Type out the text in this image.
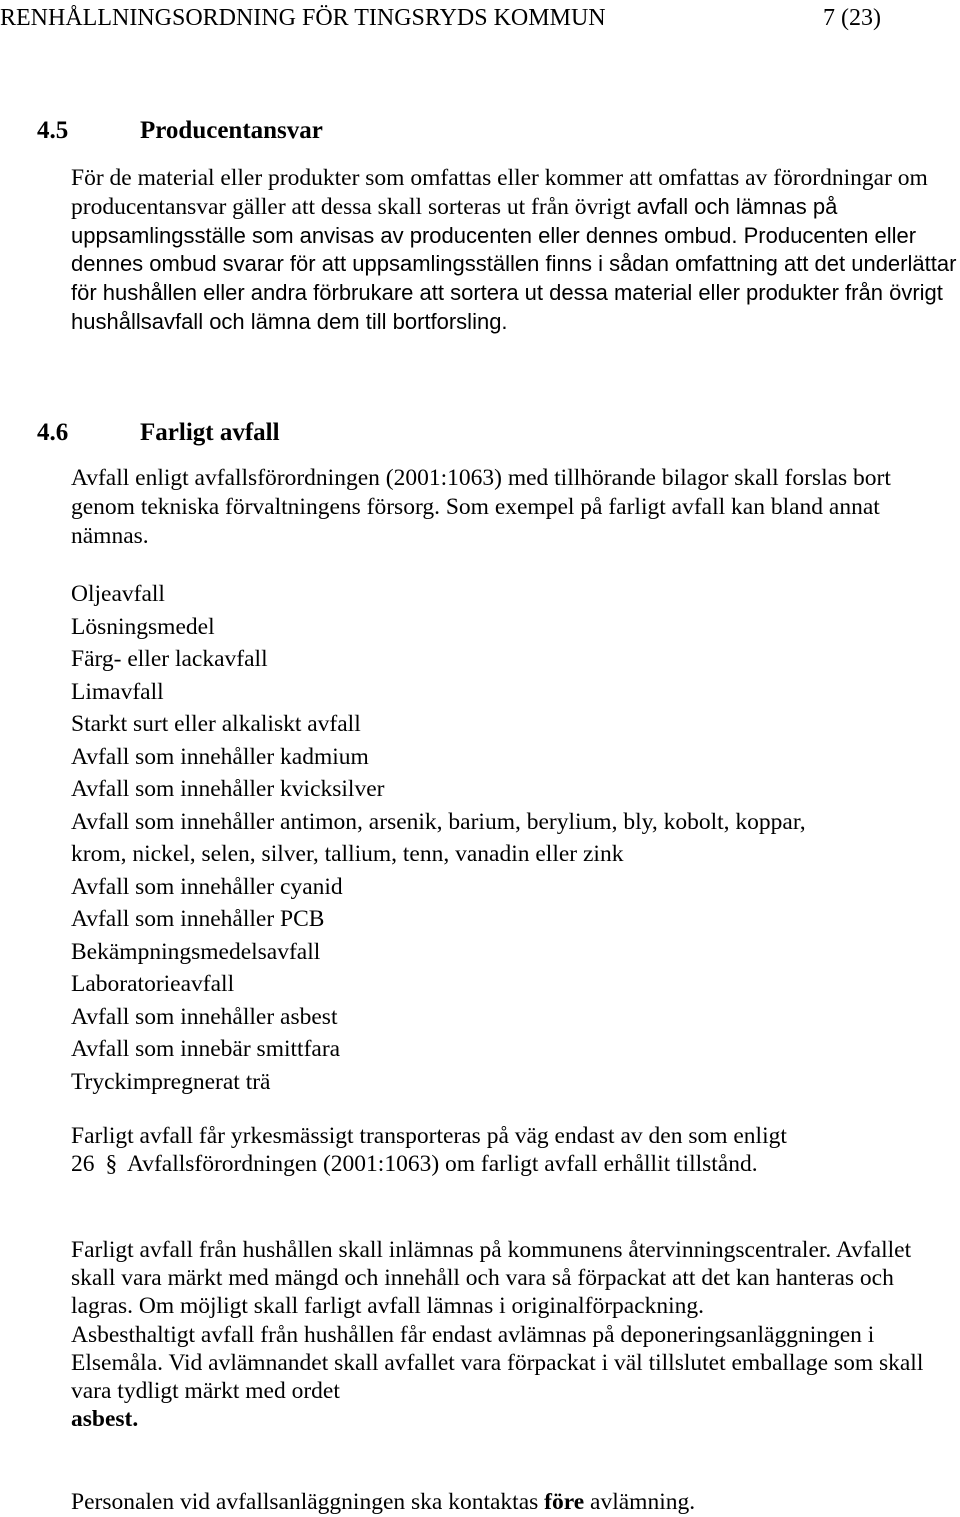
RENHÅLLNINGSORDNING FÖR TINGSRYDS KOMMUN	7 (23)
4.5	Producentansvar

För de material eller produkter som omfattas eller kommer att omfattas av förordningar om producentansvar gäller att dessa skall sorteras ut från övrigt avfall och lämnas på uppsamlingsställe som anvisas av producenten eller dennes ombud. Producenten eller dennes ombud svarar för att uppsamlingsställen finns i sådan omfattning att det underlättar för hushållen eller andra förbrukare att sortera ut dessa material eller produkter från övrigt hushållsavfall och lämna dem till bortforsling.

4.6	Farligt avfall

Avfall enligt avfallsförordningen (2001:1063) med tillhörande bilagor skall forslas bort genom tekniska förvaltningens försorg. Som exempel på farligt avfall kan bland annat nämnas.

Oljeavfall
Lösningsmedel
Färg- eller lackavfall
Limavfall
Starkt surt eller alkaliskt avfall
Avfall som innehåller kadmium
Avfall som innehåller kvicksilver
Avfall som innehåller antimon, arsenik, barium, berylium, bly, kobolt, koppar,
krom, nickel, selen, silver, tallium, tenn, vanadin eller zink
Avfall som innehåller cyanid
Avfall som innehåller PCB
Bekämpningsmedelsavfall
Laboratorieavfall
Avfall som innehåller asbest
Avfall som innebär smittfara
Tryckimpregnerat trä

Farligt avfall får yrkesmässigt transporteras på väg endast av den som enligt
26 § Avfallsförordningen (2001:1063) om farligt avfall erhållit tillstånd.

Farligt avfall från hushållen skall inlämnas på kommunens återvinningscentraler. Avfallet skall vara märkt med mängd och innehåll och vara så förpackat att det kan hanteras och lagras. Om möjligt skall farligt avfall lämnas i originalförpackning.
Asbesthaltigt avfall från hushållen får endast avlämnas på deponeringsanläggningen i Elsemåla. Vid avlämnandet skall avfallet vara förpackat i väl tillslutet emballage som skall vara tydligt märkt med ordet
asbest.

Personalen vid avfallsanläggningen ska kontaktas före avlämning.
